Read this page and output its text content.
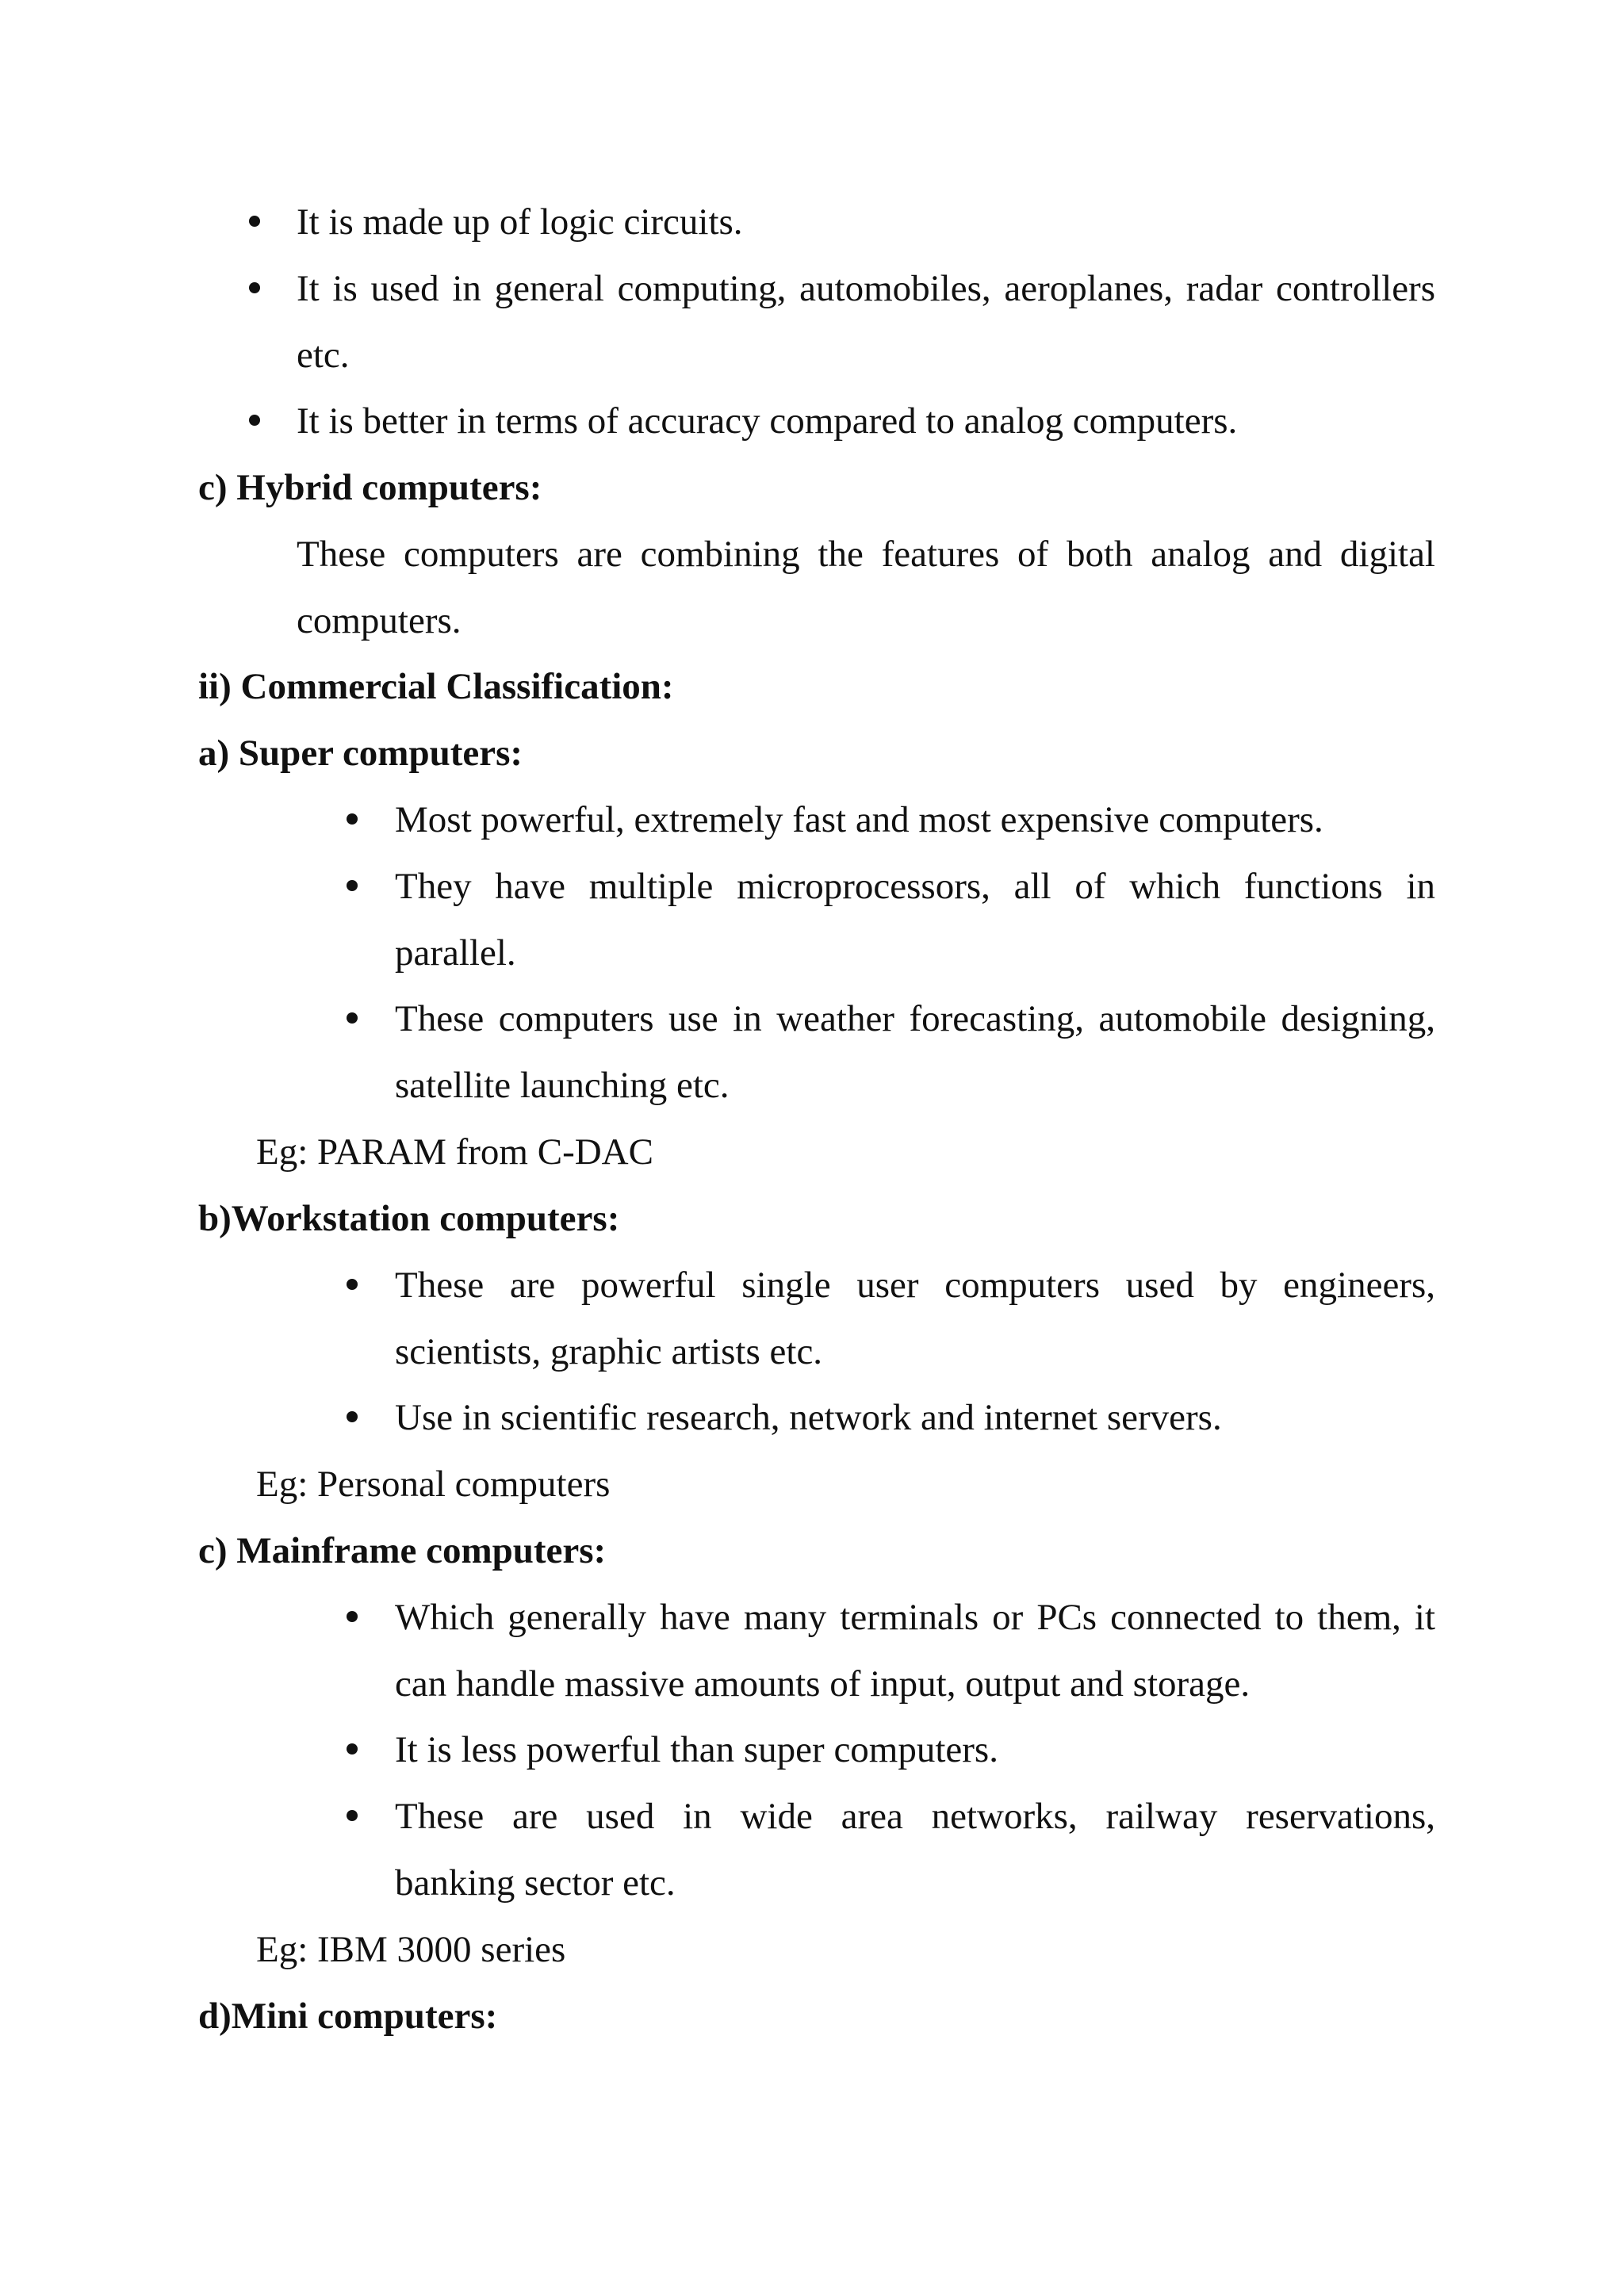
It is made up of logic circuits.
It is used in general computing, automobiles, aeroplanes, radar controllers
etc.
It is better in terms of accuracy compared to analog computers.
c) Hybrid computers:
These computers are combining the features of both analog and digital
computers.
ii) Commercial Classification:
a) Super computers:
Most powerful, extremely fast and most expensive computers.
They have multiple microprocessors, all of which functions in
parallel.
These computers use in weather forecasting, automobile designing,
satellite launching etc.
Eg: PARAM from C-DAC
b)Workstation computers:
These are powerful single user computers used by engineers,
scientists, graphic artists etc.
Use in scientific research, network and internet servers.
Eg: Personal computers
c) Mainframe computers:
Which generally have many terminals or PCs connected to them, it
can handle massive amounts of input, output and storage.
It is less powerful than super computers.
These are used in wide area networks, railway reservations,
banking sector etc.
Eg: IBM 3000 series
d)Mini computers:
